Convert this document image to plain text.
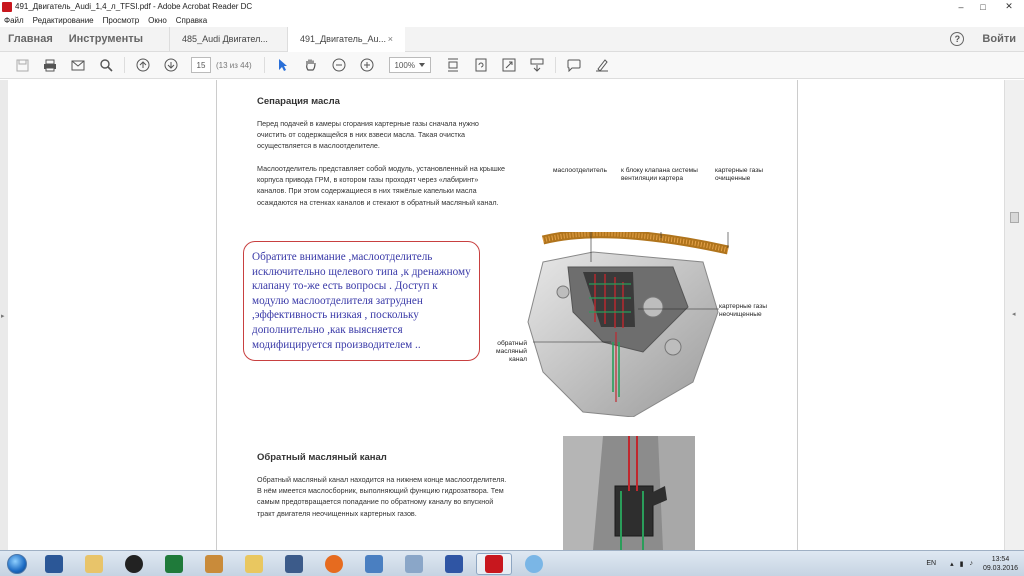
491_Двигатель_Audi_1,4_л_TFSI.pdf - Adobe Acrobat Reader DC	–	□	✕
Файл Редактирование Просмотр Окно Справка
Главная	Инструменты	485_Audi Двигател...	491_Двигатель_Au... ×	?	Войти
15	(13 из 44)	100%
▸
Сепарация масла
Перед подачей в камеры сгорания картерные газы сначала нужно очистить от содержащейся в них взвеси масла. Такая очистка осуществляется в маслоотделителе.
Маслоотделитель представляет собой модуль, установленный на крышке корпуса привода ГРМ, в котором газы проходят через «лабиринт» каналов. При этом содержащиеся в них тяжёлые капельки масла осаждаются на стенках каналов и стекают в обратный масляный канал.
Обратите внимание ,маслоотделитель исключительно щелевого типа ,к дренажному клапану то-же есть вопросы . Доступ к модулю маслоотделителя затруднен ,эффективность низкая , поскольку дополнительно ,как выясняется модифицируется производителем ..
маслоотделитель к блоку клапана системы вентиляции картера
картерные газы очищенные
картерные газы неочищенные
обратный масляный канал
Обратный масляный канал
Обратный масляный канал находится на нижнем конце маслоотделителя. В нём имеется маслосборник, выполняющий функцию гидрозатвора. Тем самым предотвращается попадание по обратному каналу во впускной тракт двигателя неочищенных картерных газов.
◂
EN ▴ ▮ ♪
13:54
09.03.2016
